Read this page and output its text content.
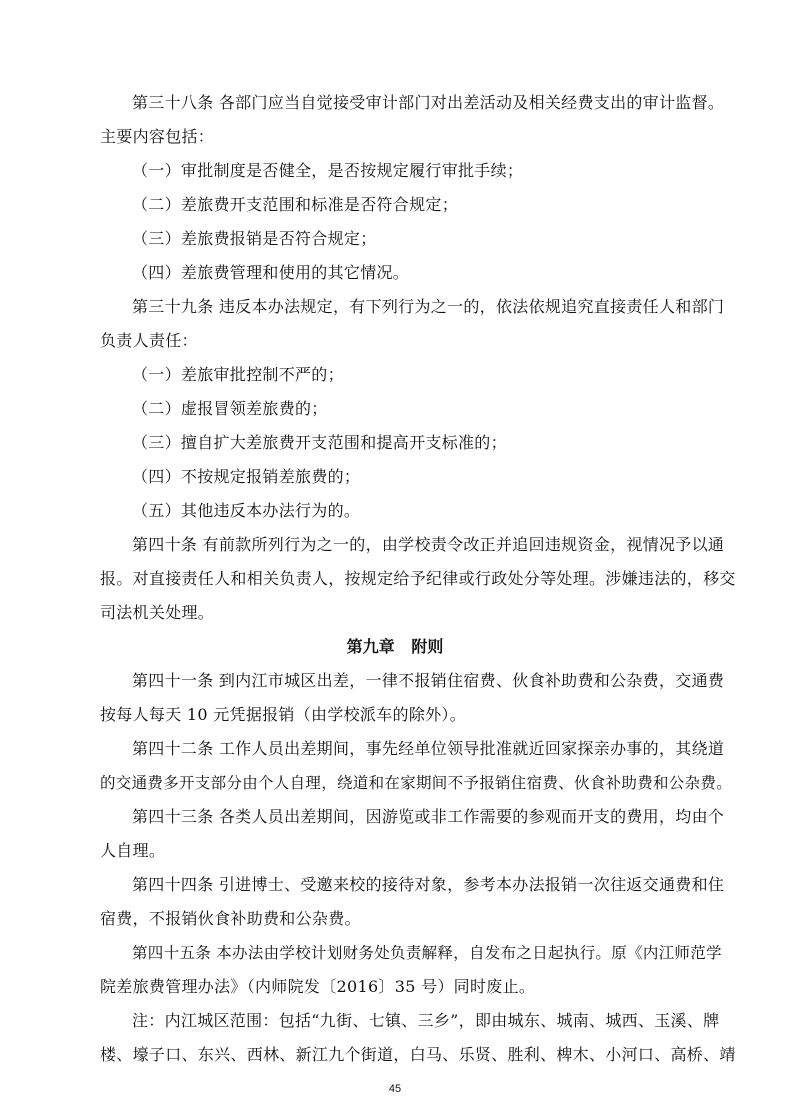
第三十八条 各部门应当自觉接受审计部门对出差活动及相关经费支出的审计监督。
主要内容包括：
（一）审批制度是否健全，是否按规定履行审批手续；
（二）差旅费开支范围和标准是否符合规定；
（三）差旅费报销是否符合规定；
（四）差旅费管理和使用的其它情况。
第三十九条 违反本办法规定，有下列行为之一的，依法依规追究直接责任人和部门
负责人责任：
（一）差旅审批控制不严的；
（二）虚报冒领差旅费的；
（三）擅自扩大差旅费开支范围和提高开支标准的；
（四）不按规定报销差旅费的；
（五）其他违反本办法行为的。
第四十条 有前款所列行为之一的，由学校责令改正并追回违规资金，视情况予以通
报。对直接责任人和相关负责人，按规定给予纪律或行政处分等处理。涉嫌违法的，移交
司法机关处理。
第九章   附则
第四十一条 到内江市城区出差，一律不报销住宿费、伙食补助费和公杂费，交通费
按每人每天 10 元凭据报销（由学校派车的除外）。
第四十二条 工作人员出差期间，事先经单位领导批准就近回家探亲办事的，其绕道
的交通费多开支部分由个人自理，绕道和在家期间不予报销住宿费、伙食补助费和公杂费。
第四十三条 各类人员出差期间，因游览或非工作需要的参观而开支的费用，均由个
人自理。
第四十四条 引进博士、受邀来校的接待对象，参考本办法报销一次往返交通费和住
宿费，不报销伙食补助费和公杂费。
第四十五条 本办法由学校计划财务处负责解释，自发布之日起执行。原《内江师范学
院差旅费管理办法》（内师院发〔2016〕35 号）同时废止。
注：内江城区范围：包括“九街、七镇、三乡”，即由城东、城南、城西、玉溪、牌
楼、壕子口、东兴、西林、新江九个街道，白马、乐贤、胜利、椑木、小河口、高桥、靖
45
